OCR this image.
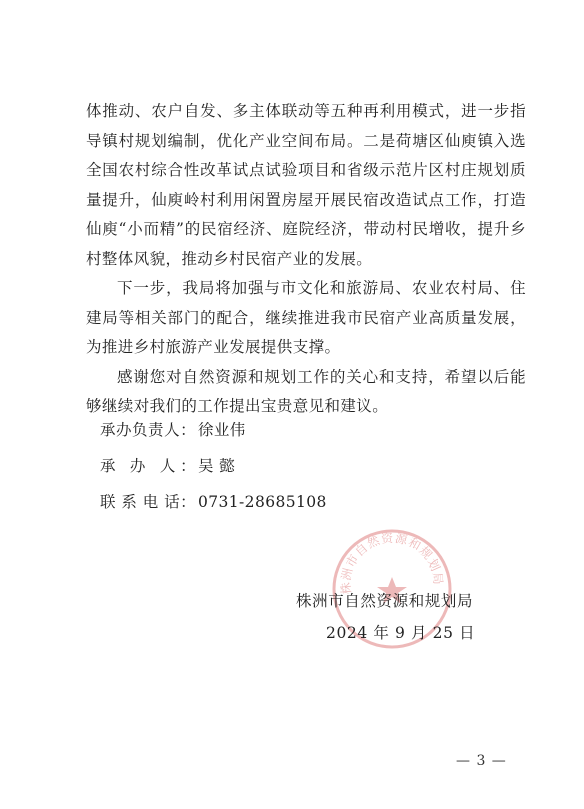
体推动、农户自发、多主体联动等五种再利用模式，进一步指导镇村规划编制，优化产业空间布局。二是荷塘区仙庾镇入选全国农村综合性改革试点试验项目和省级示范片区村庄规划质量提升，仙庾岭村利用闲置房屋开展民宿改造试点工作，打造仙庾“小而精”的民宿经济、庭院经济，带动村民增收，提升乡村整体风貌，推动乡村民宿产业的发展。

下一步，我局将加强与市文化和旅游局、农业农村局、住建局等相关部门的配合，继续推进我市民宿产业高质量发展，为推进乡村旅游产业发展提供支撑。

感谢您对自然资源和规划工作的关心和支持，希望以后能够继续对我们的工作提出宝贵意见和建议。

承办负责人： 徐业伟
承 办 人： 吴 懿
联 系 电 话： 0731-28685108
株洲市自然资源和规划局
株洲市自然资源和规划局
2024 年 9 月 25 日
— 3 —
